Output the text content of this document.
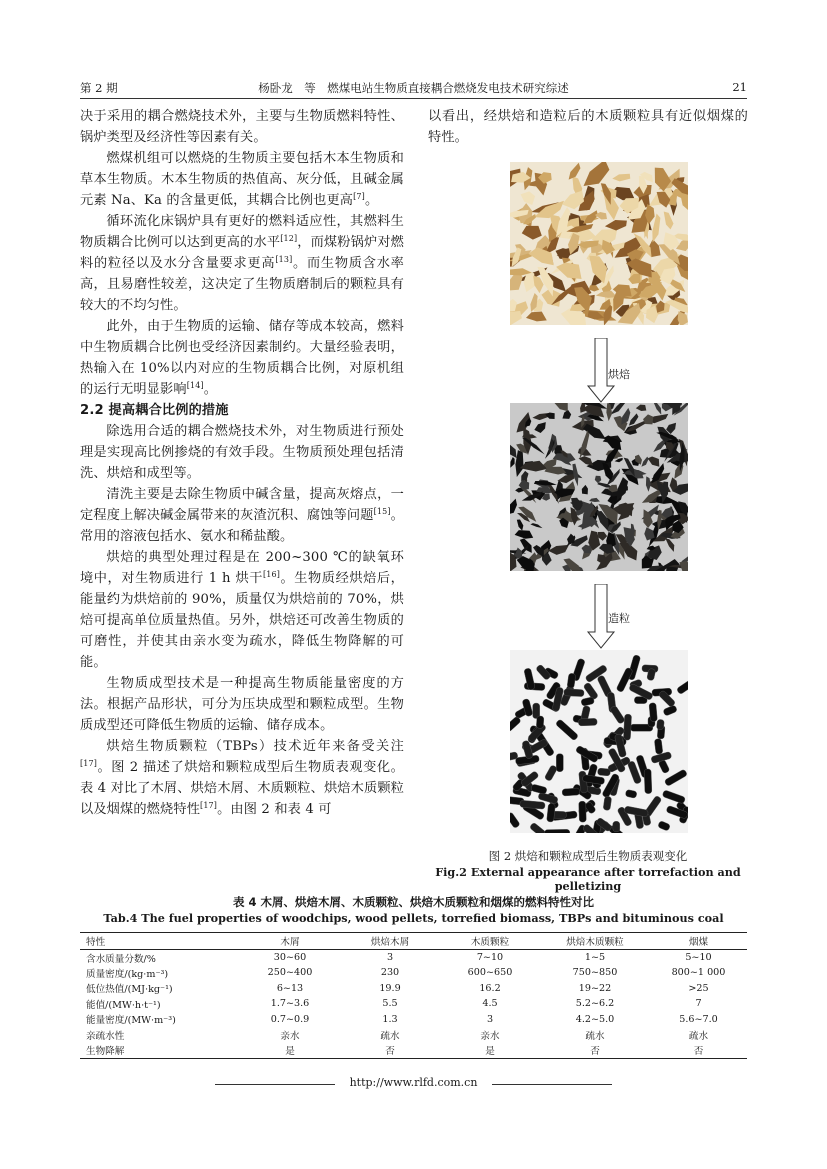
第 2 期	杨卧龙　等　燃煤电站生物质直接耦合燃烧发电技术研究综述	21

决于采用的耦合燃烧技术外，主要与生物质燃料特性、锅炉类型及经济性等因素有关。

燃煤机组可以燃烧的生物质主要包括木本生物质和草本生物质。木本生物质的热值高、灰分低，且碱金属元素 Na、Ka 的含量更低，其耦合比例也更高[7]。

循环流化床锅炉具有更好的燃料适应性，其燃料生物质耦合比例可以达到更高的水平[12]，而煤粉锅炉对燃料的粒径以及水分含量要求更高[13]。而生物质含水率高，且易磨性较差，这决定了生物质磨制后的颗粒具有较大的不均匀性。

此外，由于生物质的运输、储存等成本较高，燃料中生物质耦合比例也受经济因素制约。大量经验表明，热输入在 10%以内对应的生物质耦合比例，对原机组的运行无明显影响[14]。

2.2 提高耦合比例的措施

除选用合适的耦合燃烧技术外，对生物质进行预处理是实现高比例掺烧的有效手段。生物质预处理包括清洗、烘焙和成型等。

清洗主要是去除生物质中碱含量，提高灰熔点，一定程度上解决碱金属带来的灰渣沉积、腐蚀等问题[15]。常用的溶液包括水、氨水和稀盐酸。

烘焙的典型处理过程是在 200~300 ℃的缺氧环境中，对生物质进行 1 h 烘干[16]。生物质经烘焙后，能量约为烘焙前的 90%，质量仅为烘焙前的 70%，烘焙可提高单位质量热值。另外，烘焙还可改善生物质的可磨性，并使其由亲水变为疏水，降低生物降解的可能。

生物质成型技术是一种提高生物质能量密度的方法。根据产品形状，可分为压块成型和颗粒成型。生物质成型还可降低生物质的运输、储存成本。

烘焙生物质颗粒（TBPs）技术近年来备受关注[17]。图 2 描述了烘焙和颗粒成型后生物质表观变化。表 4 对比了木屑、烘焙木屑、木质颗粒、烘焙木质颗粒以及烟煤的燃烧特性[17]。由图 2 和表 4 可

以看出，经烘焙和造粒后的木质颗粒具有近似烟煤的特性。

烘焙
造粒
图 2 烘焙和颗粒成型后生物质表观变化
Fig.2 External appearance after torrefaction and pelletizing
表 4 木屑、烘焙木屑、木质颗粒、烘焙木质颗粒和烟煤的燃料特性对比
Tab.4 The fuel properties of woodchips, wood pellets, torrefied biomass, TBPs and bituminous coal
特性	木屑	烘焙木屑	木质颗粒	烘焙木质颗粒	烟煤
含水质量分数/%	30~60	3	7~10	1~5	5~10
质量密度/(kg·m⁻³)	250~400	230	600~650	750~850	800~1 000
低位热值/(MJ·kg⁻¹)	6~13	19.9	16.2	19~22	>25
能值/(MW·h·t⁻¹)	1.7~3.6	5.5	4.5	5.2~6.2	7
能量密度/(MW·m⁻³)	0.7~0.9	1.3	3	4.2~5.0	5.6~7.0
亲疏水性	亲水	疏水	亲水	疏水	疏水
生物降解	是	否	是	否	否
http://www.rlfd.com.cn
